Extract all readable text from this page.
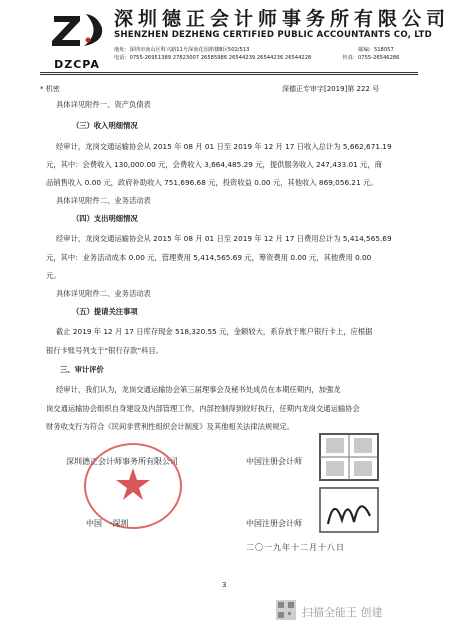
DZCPA
深圳德正会计师事务所有限公司
SHENZHEN DEZHENG CERTIFIED PUBLIC ACCOUNTANTS CO, LTD
地址：深圳市南山区科兴路11号深南花园裙楼B区502/513　　　　　　　　　　　　　　　　　　　　　邮编：518057
电话：0755-26951389 27823007 26585986 26544239 26544236 26544228　　　　　　传真：0755-26546286
* 机密	深德正专审字[2019]第 222 号
具体详见附件一、资产负债表
（三）收入明细情况
经审计，龙岗交通运输协会从 2015 年 08 月 01 日至 2019 年 12 月 17 日收入总计为 5,662,671.19
元，其中：会费收入 130,000.00 元，会费收入 3,664,485.29 元，提供服务收入 247,433.01 元，商
品销售收入 0.00 元，政府补助收入 751,696.68 元，投资收益 0.00 元，其他收入 869,056.21 元。
具体详见附件二、业务活动表
（四）支出明细情况
经审计，龙岗交通运输协会从 2015 年 08 月 01 日至 2019 年 12 月 17 日费用总计为 5,414,565.69
元，其中：业务活动成本 0.00 元，管理费用 5,414,565.69 元，筹资费用 0.00 元，其他费用 0.00
元。
具体详见附件二、业务活动表
（五）提请关注事项
截止 2019 年 12 月 17 日库存现金 518,320.55 元，金额较大，系存放于账户银行卡上，应根据
银行卡账号列支于“银行存款”科目。
三、审计评价
经审计，我们认为，龙岗交通运输协会第三届理事会及秘书处成员在本期任期内，加强龙
岗交通运输协会组织自身建设及内部管理工作，内部控制得到较好执行，任期内龙岗交通运输协会
财务收支行为符合《民间非营利性组织会计制度》及其他相关法律法规规定。
深圳德正会计师事务所有限公司
中国　·深圳
中国注册会计师
中国注册会计师
二〇一九年十二月十八日
3
扫描全能王 创建
